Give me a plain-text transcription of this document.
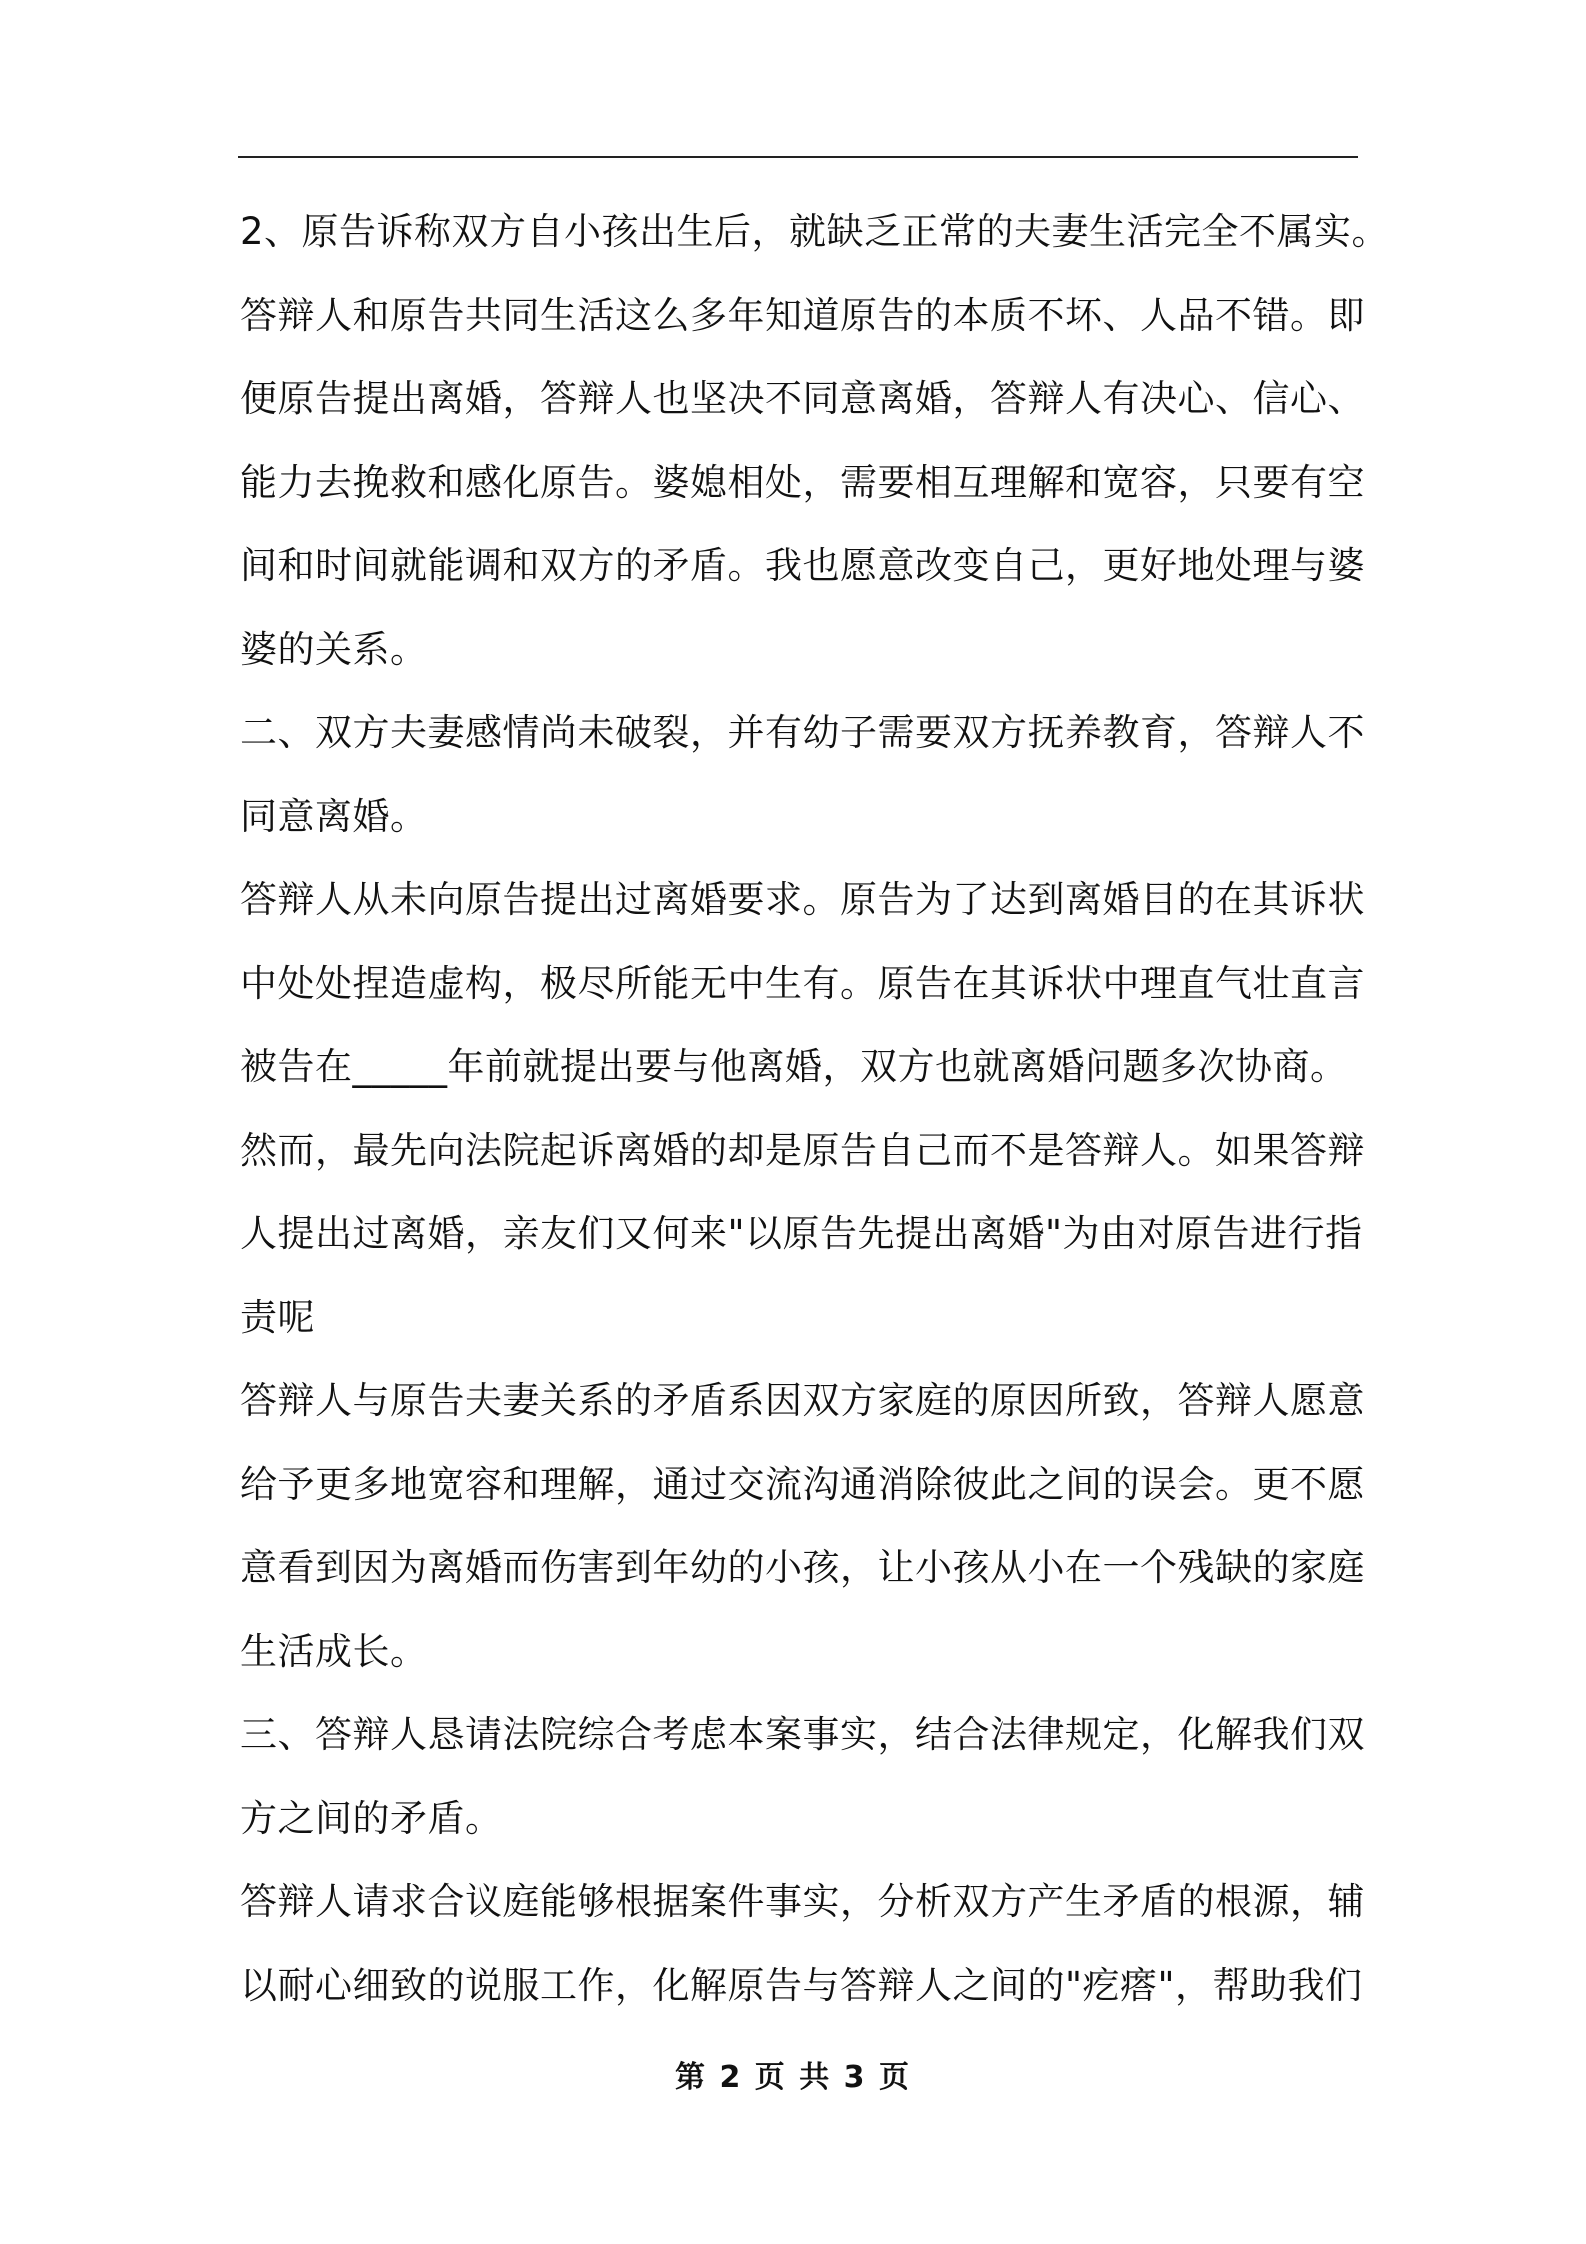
2、原告诉称双方自小孩出生后，就缺乏正常的夫妻生活完全不属实。
答辩人和原告共同生活这么多年知道原告的本质不坏、人品不错。即
便原告提出离婚，答辩人也坚决不同意离婚，答辩人有决心、信心、
能力去挽救和感化原告。婆媳相处，需要相互理解和宽容，只要有空
间和时间就能调和双方的矛盾。我也愿意改变自己，更好地处理与婆
婆的关系。
二、双方夫妻感情尚未破裂，并有幼子需要双方抚养教育，答辩人不
同意离婚。
答辩人从未向原告提出过离婚要求。原告为了达到离婚目的在其诉状
中处处捏造虚构，极尽所能无中生有。原告在其诉状中理直气壮直言
被告在_____年前就提出要与他离婚，双方也就离婚问题多次协商。
然而，最先向法院起诉离婚的却是原告自己而不是答辩人。如果答辩
人提出过离婚，亲友们又何来"以原告先提出离婚"为由对原告进行指
责呢
答辩人与原告夫妻关系的矛盾系因双方家庭的原因所致，答辩人愿意
给予更多地宽容和理解，通过交流沟通消除彼此之间的误会。更不愿
意看到因为离婚而伤害到年幼的小孩，让小孩从小在一个残缺的家庭
生活成长。
三、答辩人恳请法院综合考虑本案事实，结合法律规定，化解我们双
方之间的矛盾。
答辩人请求合议庭能够根据案件事实，分析双方产生矛盾的根源，辅
以耐心细致的说服工作，化解原告与答辩人之间的"疙瘩"，帮助我们
第 2 页 共 3 页
